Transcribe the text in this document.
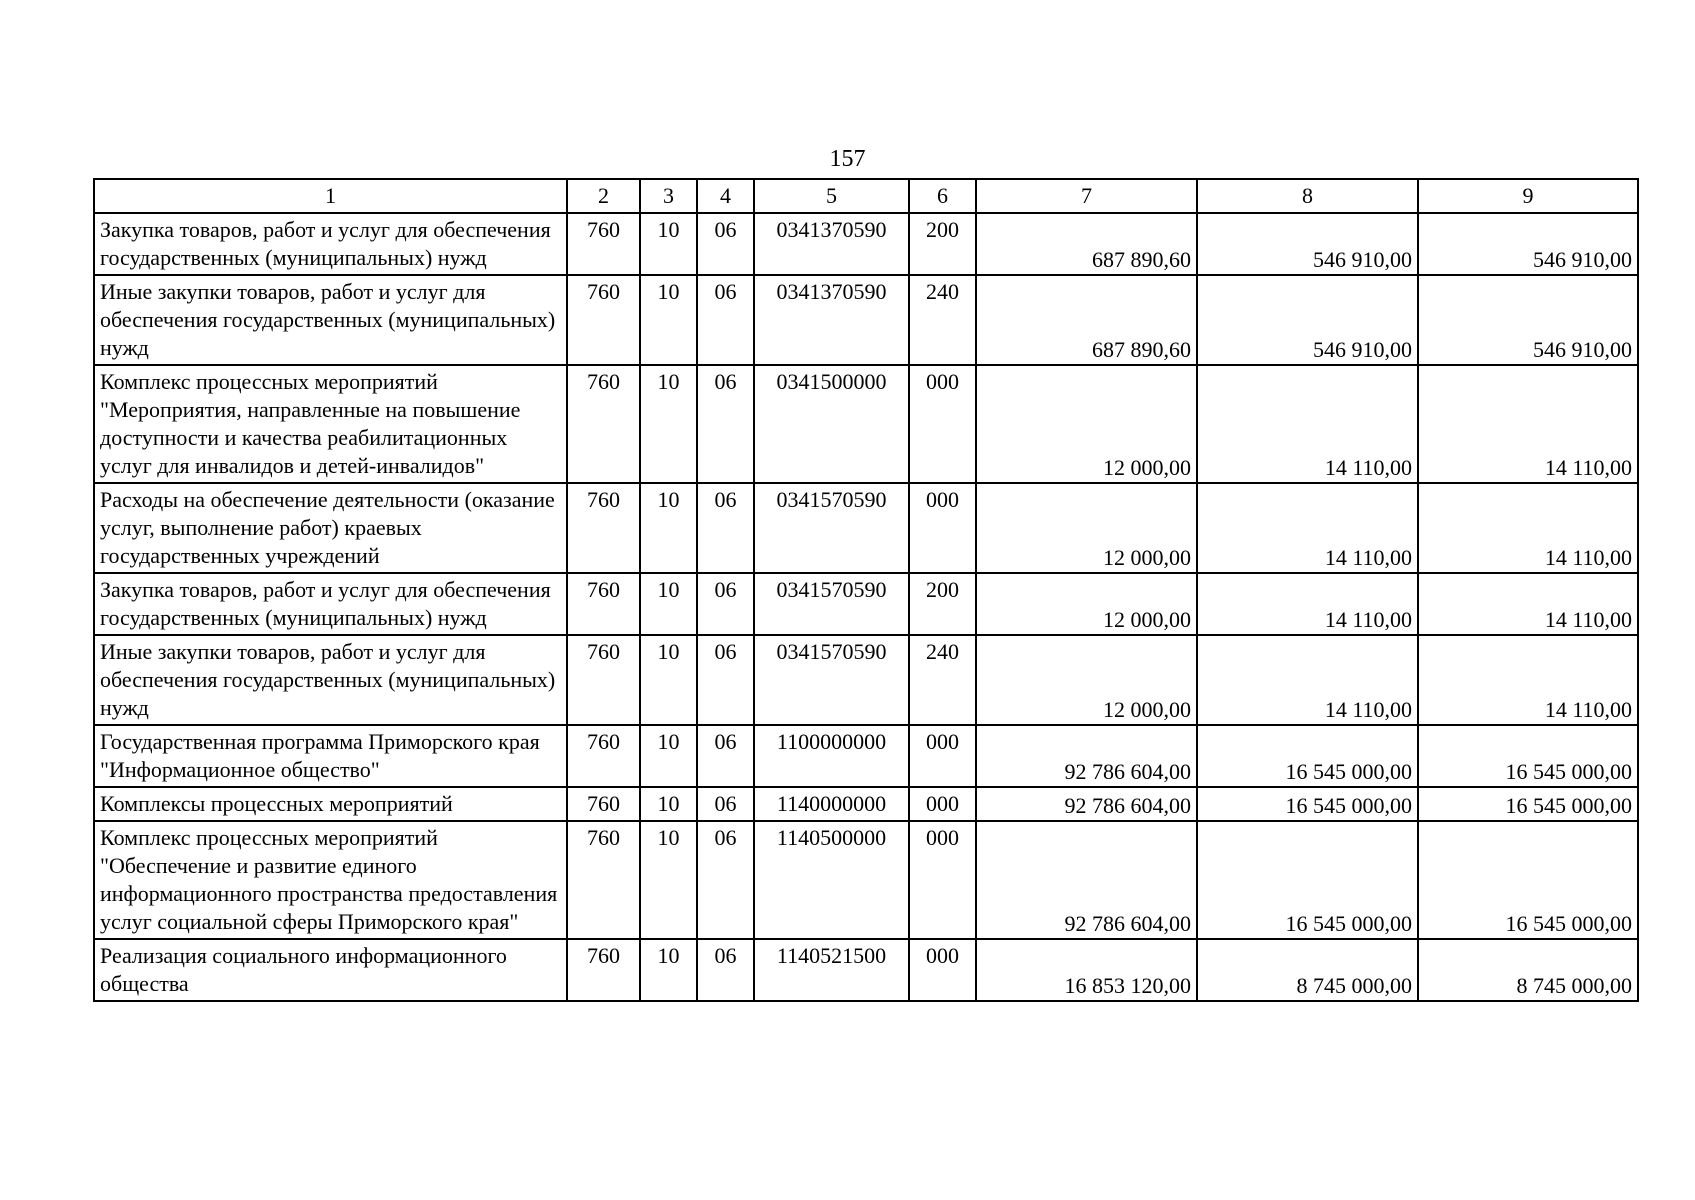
157
1	2	3	4	5	6	7	8	9
Закупка товаров, работ и услуг для обеспечения государственных (муниципальных) нужд	760	10	06	0341370590	200	687 890,60	546 910,00	546 910,00
Иные закупки товаров, работ и услуг для обеспечения государственных (муниципальных) нужд	760	10	06	0341370590	240	687 890,60	546 910,00	546 910,00
Комплекс процессных мероприятий "Мероприятия, направленные на повышение доступности и качества реабилитационных услуг для инвалидов и детей-инвалидов"	760	10	06	0341500000	000	12 000,00	14 110,00	14 110,00
Расходы на обеспечение деятельности (оказание услуг, выполнение работ) краевых государственных учреждений	760	10	06	0341570590	000	12 000,00	14 110,00	14 110,00
Закупка товаров, работ и услуг для обеспечения государственных (муниципальных) нужд	760	10	06	0341570590	200	12 000,00	14 110,00	14 110,00
Иные закупки товаров, работ и услуг для обеспечения государственных (муниципальных) нужд	760	10	06	0341570590	240	12 000,00	14 110,00	14 110,00
Государственная программа Приморского края "Информационное общество"	760	10	06	1100000000	000	92 786 604,00	16 545 000,00	16 545 000,00
Комплексы процессных мероприятий	760	10	06	1140000000	000	92 786 604,00	16 545 000,00	16 545 000,00
Комплекс процессных мероприятий "Обеспечение и развитие единого информационного пространства предоставления услуг социальной сферы Приморского края"	760	10	06	1140500000	000	92 786 604,00	16 545 000,00	16 545 000,00
Реализация социального информационного общества	760	10	06	1140521500	000	16 853 120,00	8 745 000,00	8 745 000,00
